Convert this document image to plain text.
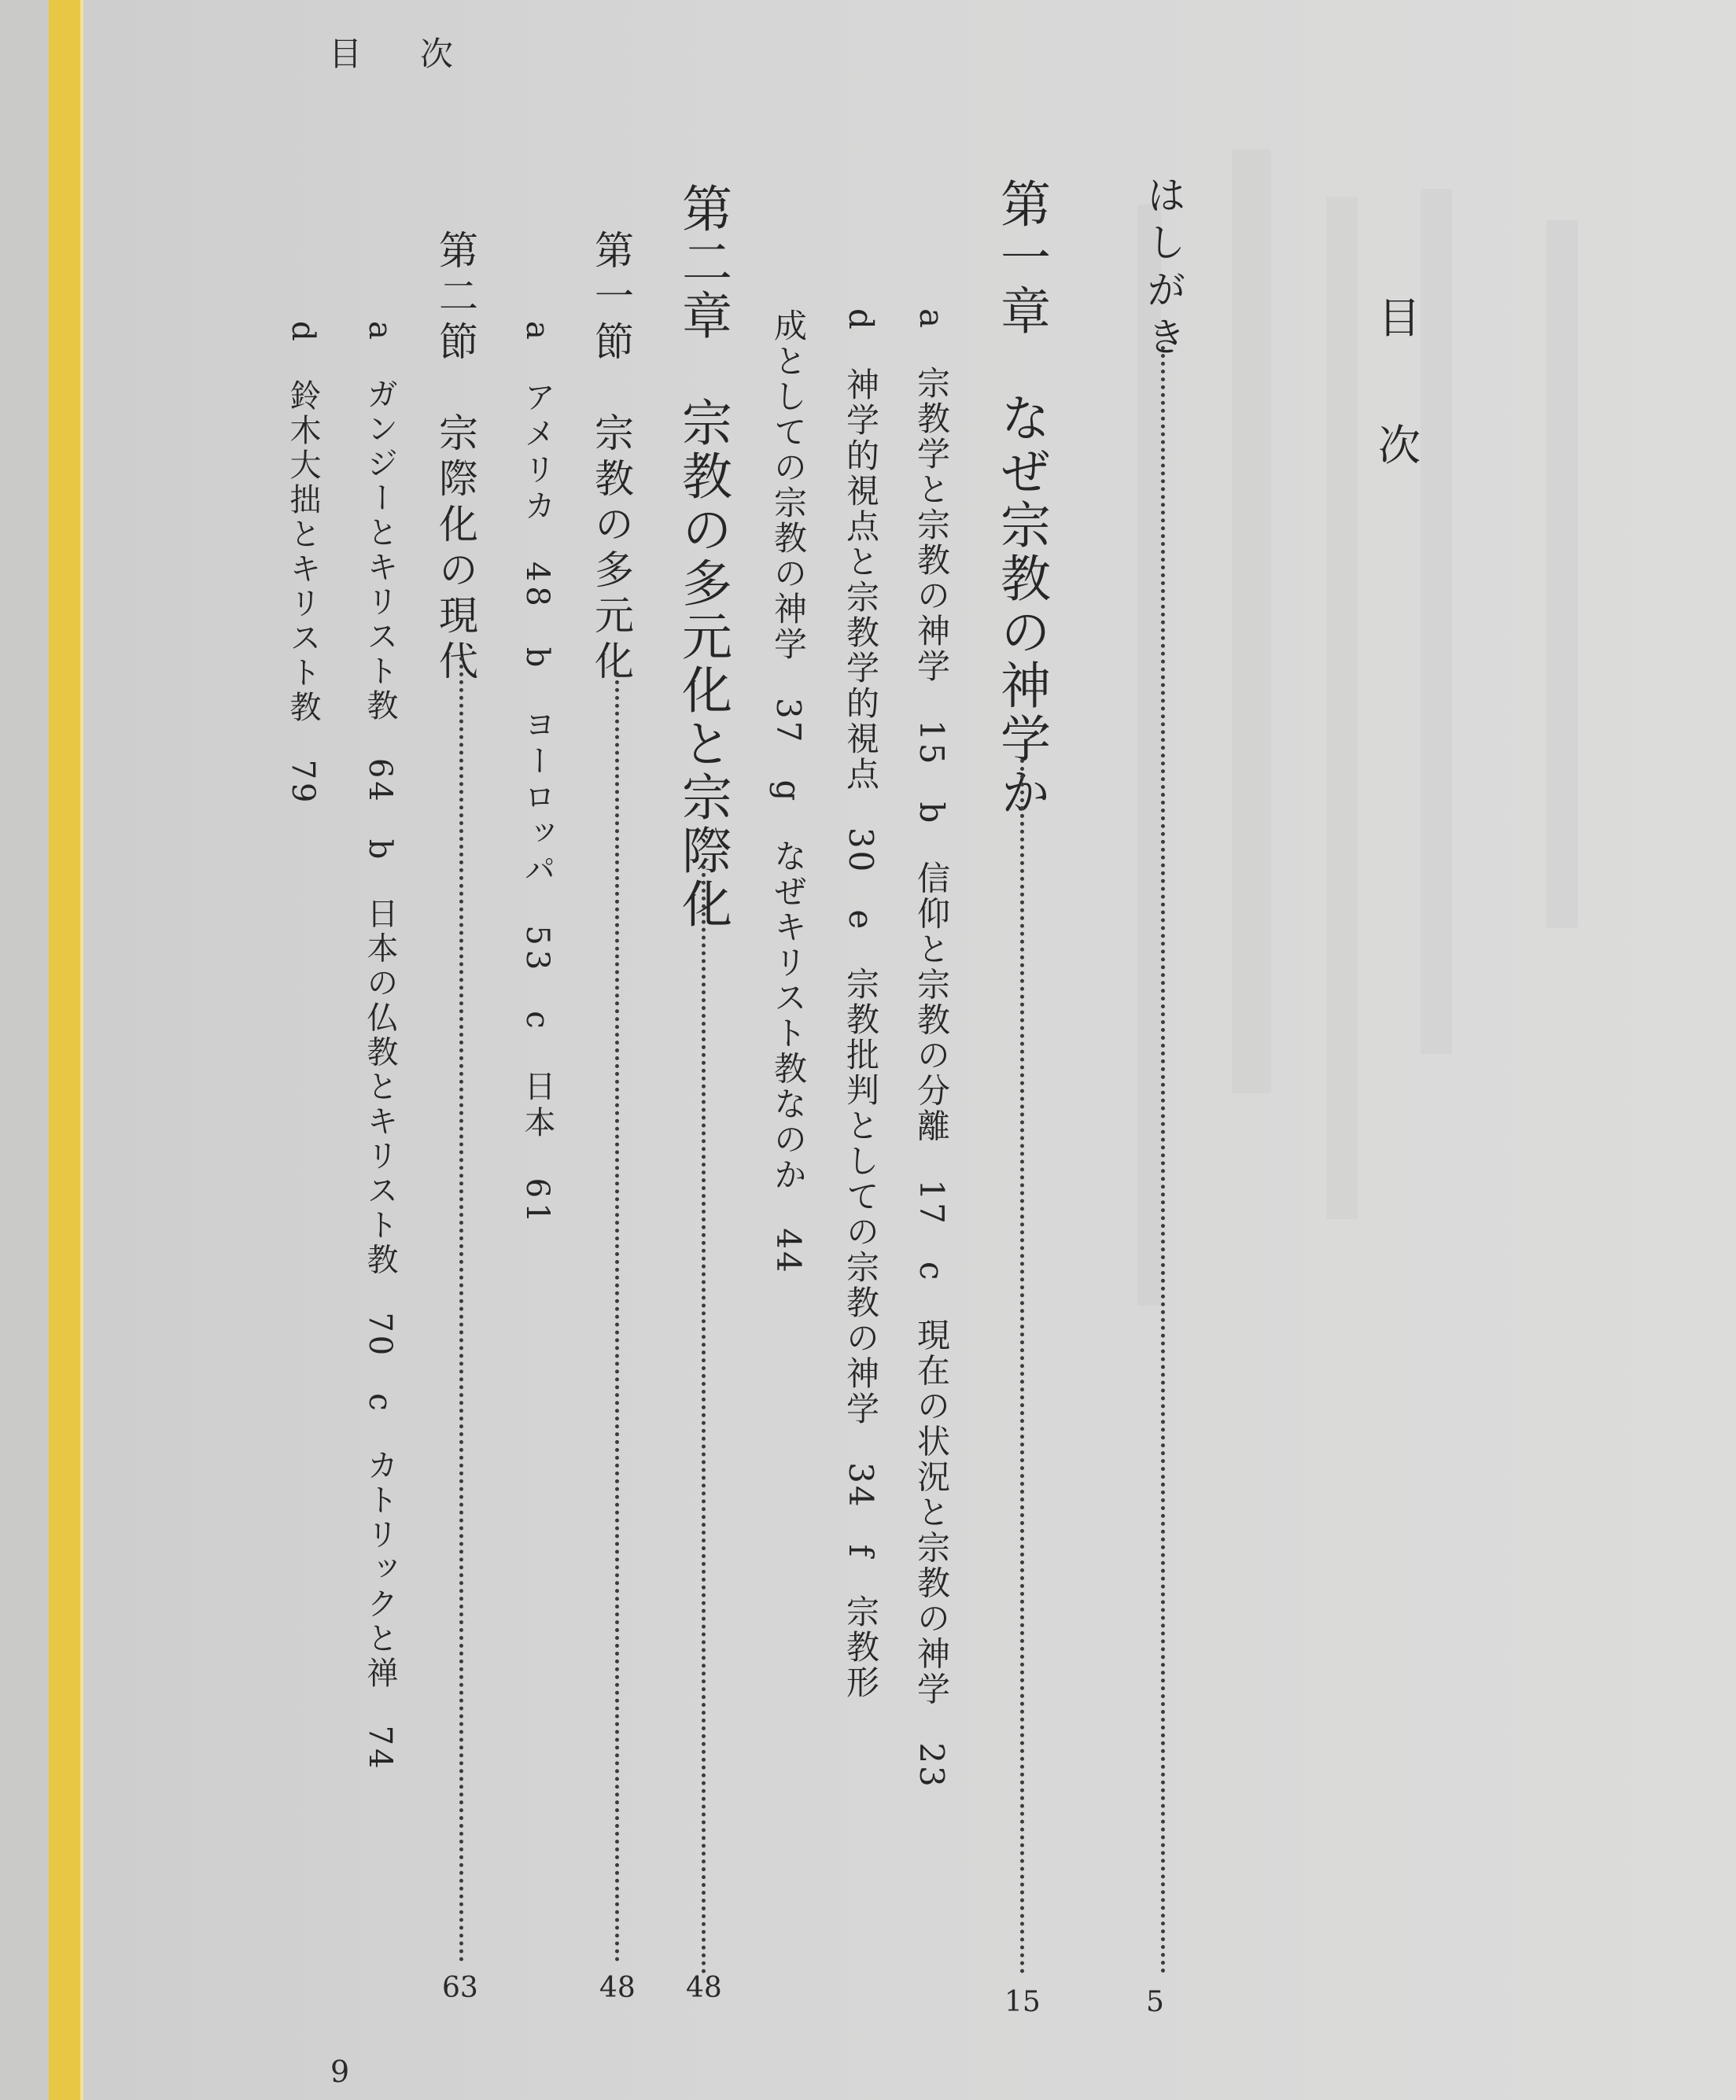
目　次
9
目
次
はしがき
5
第一章　なぜ宗教の神学か
15
a　宗教学と宗教の神学　15　b　信仰と宗教の分離　17　c　現在の状況と宗教の神学　23
d　神学的視点と宗教学的視点　30　e　宗教批判としての宗教の神学　34　f　宗教形
成としての宗教の神学　37　g　なぜキリスト教なのか　44
第二章　宗教の多元化と宗際化
48
第一節　宗教の多元化
48
a　アメリカ　48　b　ヨーロッパ　53　c　日本　61
第二節　宗際化の現代
63
a　ガンジーとキリスト教　64　b　日本の仏教とキリスト教　70　c　カトリックと禅　74
d　鈴木大拙とキリスト教　79
